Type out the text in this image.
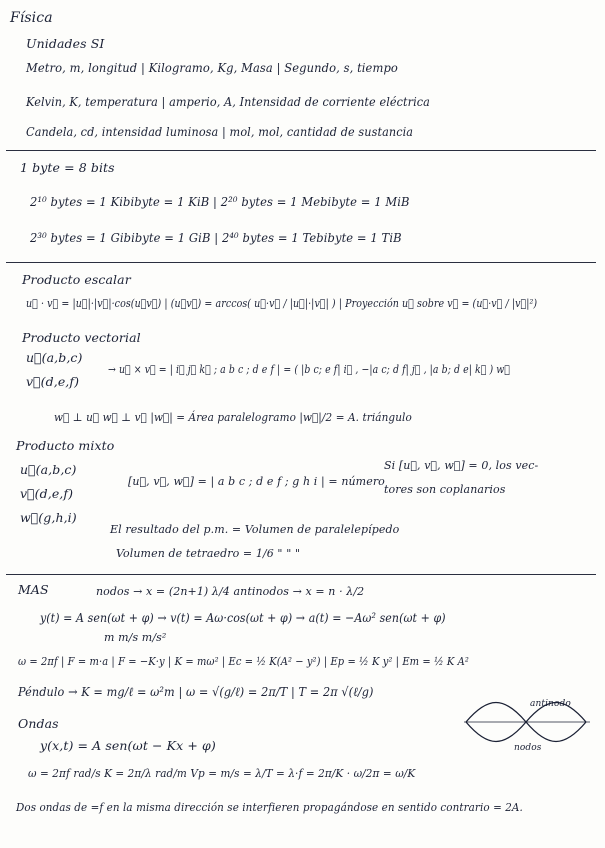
Física
Unidades SI
Metro, m, longitud | Kilogramo, Kg, Masa | Segundo, s, tiempo
Kelvin, K, temperatura | amperio, A, Intensidad de corriente eléctrica
Candela, cd, intensidad luminosa | mol, mol, cantidad de sustancia
1 byte = 8 bits
2¹⁰ bytes = 1 Kibibyte = 1 KiB | 2²⁰ bytes = 1 Mebibyte = 1 MiB
2³⁰ bytes = 1 Gibibyte = 1 GiB | 2⁴⁰ bytes = 1 Tebibyte = 1 TiB
Producto escalar
u⃗ · v⃗ = |u⃗|·|v⃗|·cos(u⃗v⃗) | (u⃗v⃗) = arccos( u⃗·v⃗ / |u⃗|·|v⃗| ) | Proyección u⃗ sobre v⃗ = (u⃗·v⃗ / |v⃗|²)
Producto vectorial
u⃗(a,b,c)
→ u⃗ × v⃗ = | i⃗ j⃗ k⃗ ; a b c ; d e f | = ( |b c; e f| i⃗ , −|a c; d f| j⃗ , |a b; d e| k⃗ ) w⃗
v⃗(d,e,f)
w⃗ ⊥ u⃗ w⃗ ⊥ v⃗ |w⃗| = Área paralelogramo |w⃗|/2 = A. triángulo
Producto mixto
u⃗(a,b,c)
[u⃗, v⃗, w⃗] = | a b c ; d e f ; g h i | = número
v⃗(d,e,f)
w⃗(g,h,i)
Si [u⃗, v⃗, w⃗] = 0, los vec-
tores son coplanarios
El resultado del p.m. = Volumen de paralelepípedo
Volumen de tetraedro = 1/6 " " "
MAS	nodos → x = (2n+1) λ/4 antinodos → x = n · λ/2
y(t) = A sen(ωt + φ) → v(t) = Aω·cos(ωt + φ) → a(t) = −Aω² sen(ωt + φ)
m m/s m/s²
ω = 2πf | F = m·a | F = −K·y | K = mω² | Ec = ½ K(A² − y²) | Ep = ½ K y² | Em = ½ K A²
Péndulo → K = mg/ℓ = ω²m | ω = √(g/ℓ) = 2π/T | T = 2π √(ℓ/g)
Ondas
y(x,t) = A sen(ωt − Kx + φ)
ω = 2πf rad/s K = 2π/λ rad/m Vp = m/s = λ/T = λ·f = 2π/K · ω/2π = ω/K
Dos ondas de =f en la misma dirección se interfieren propagándose en sentido contrario = 2A.
antinodo
nodos
